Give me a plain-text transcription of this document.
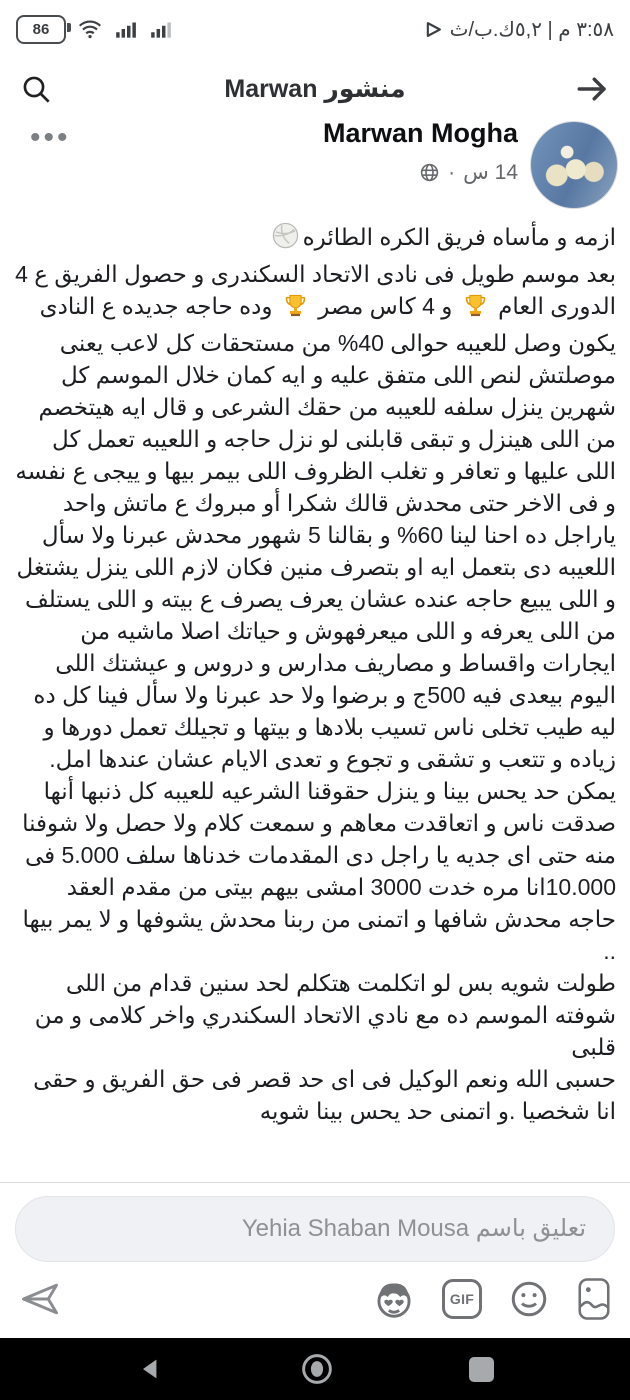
86	٣:٥٨ م | ٥,٢ك.ب/ث
منشور Marwan
•••	Marwan Mogha
· 14 س

ازمه و مأساه فريق الكره الطائره

بعد موسم طويل فى نادى الاتحاد السكندرى و حصول الفريق ع 4 الدورى العام  و 4 كاس مصر  وده حاجه جديده ع النادى يكون وصل للعيبه حوالى 40% من مستحقات كل لاعب يعنى موصلتش لنص اللى متفق عليه و ايه كمان خلال الموسم كل شهرين ينزل سلفه للعيبه من حقك الشرعى و قال ايه هيتخصم من اللى هينزل و تبقى قابلنى لو نزل حاجه و اللعيبه تعمل كل اللى عليها و تعافر و تغلب الظروف اللى بيمر بيها و ييجى ع نفسه و فى الاخر حتى محدش قالك شكرا أو مبروك ع ماتش واحد ياراجل ده احنا لينا 60% و بقالنا 5 شهور محدش عبرنا ولا سأل اللعيبه دى بتعمل ايه او بتصرف منين فكان لازم اللى ينزل يشتغل و اللى يبيع حاجه عنده عشان يعرف يصرف ع بيته و اللى يستلف من اللى يعرفه و اللى ميعرفهوش و حياتك اصلا ماشيه من ايجارات واقساط و مصاريف مدارس و دروس و عيشتك اللى اليوم بيعدى فيه 500ج و برضوا ولا حد عبرنا ولا سأل فينا كل ده ليه طيب تخلى ناس تسيب بلادها و بيتها و تجيلك تعمل دورها و زياده و تتعب و تشقى و تجوع و تعدى الايام عشان عندها امل. يمكن حد يحس بينا و ينزل حقوقنا الشرعيه للعيبه كل ذنبها أنها صدقت ناس و اتعاقدت معاهم و سمعت كلام ولا حصل ولا شوفنا منه حتى اى جديه يا راجل دى المقدمات خدناها سلف 5.000 فى 10.000انا مره خدت 3000 امشى بيهم بيتى من مقدم العقد حاجه محدش شافها و اتمنى من ربنا محدش يشوفها و لا يمر بيها ..

طولت شويه بس لو اتكلمت هتكلم لحد سنين قدام من اللى شوفته الموسم ده مع نادي الاتحاد السكندري واخر كلامى و من قلبى

حسبى الله ونعم الوكيل فى اى حد قصر فى حق الفريق و حقى انا شخصيا .و اتمنى حد يحس بينا شويه

تعليق باسم Yehia Shaban Mousa
GIF
